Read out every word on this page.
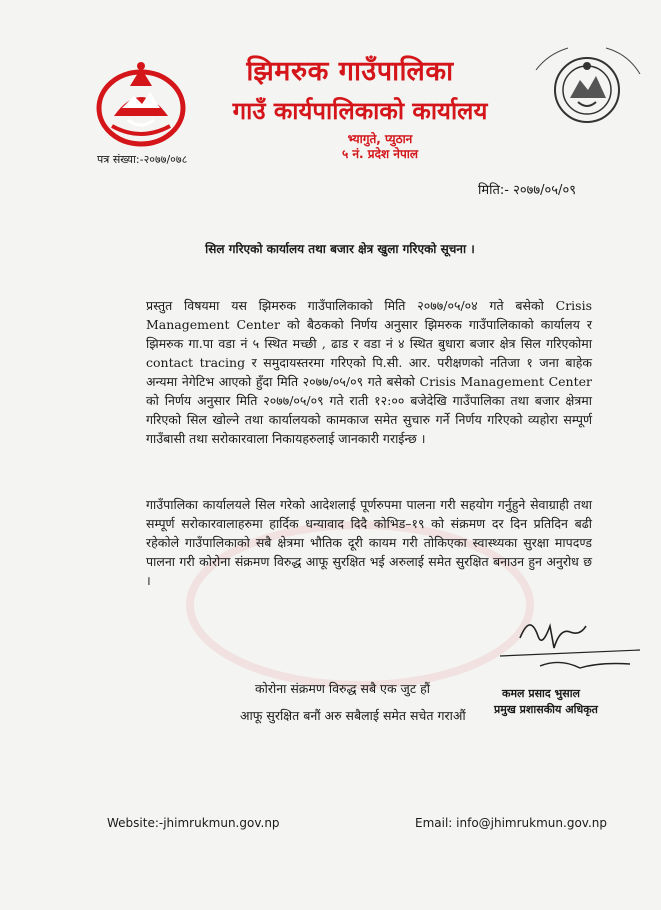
झिमरुक गाउँपालिका
गाउँ कार्यपालिकाको कार्यालय
भ्यागुते, प्युठान
५ नं. प्रदेश नेपाल
पत्र संख्या:-२०७७/०७८
मिति:- २०७७/०५/०९
सिल गरिएको कार्यालय तथा बजार क्षेत्र खुला गरिएको सूचना ।
प्रस्तुत विषयमा यस झिमरुक गाउँपालिकाको मिति २०७७/०५/०४ गते बसेको Crisis Management Center को बैठकको निर्णय अनुसार झिमरुक गाउँपालिकाको कार्यालय र झिमरुक गा.पा वडा नं ५ स्थित मच्छी , ढाड र वडा नं ४ स्थित बुधारा बजार क्षेत्र सिल गरिएकोमा contact tracing र समुदायस्तरमा गरिएको पि.सी. आर. परीक्षणको नतिजा १ जना बाहेक अन्यमा नेगेटिभ आएको हुँदा मिति २०७७/०५/०९ गते बसेको Crisis Management Center को निर्णय अनुसार मिति २०७७/०५/०९ गते राती १२:०० बजेदेखि गाउँपालिका तथा बजार क्षेत्रमा गरिएको सिल खोल्ने तथा कार्यालयको कामकाज समेत सुचारु गर्ने निर्णय गरिएको व्यहोरा सम्पूर्ण गाउँबासी तथा सरोकारवाला निकायहरुलाई जानकारी गराईन्छ ।
गाउँपालिका कार्यालयले सिल गरेको आदेशलाई पूर्णरुपमा पालना गरी सहयोग गर्नुहुने सेवाग्राही तथा सम्पूर्ण सरोकारवालाहरुमा हार्दिक धन्यावाद दिदै कोभिड–१९ को संक्रमण दर दिन प्रतिदिन बढी रहेकोले गाउँपालिकाको सबै क्षेत्रमा भौतिक दूरी कायम गरी तोकिएका स्वास्थ्यका सुरक्षा मापदण्ड पालना गरी कोरोना संक्रमण विरुद्ध आफू सुरक्षित भई अरुलाई समेत सुरक्षित बनाउन हुन अनुरोध छ ।
कमल प्रसाद भुसाल
प्रमुख प्रशासकीय अधिकृत
कोरोना संक्रमण विरुद्ध सबै एक जुट हौं
आफू सुरक्षित बनौं अरु सबैलाई समेत सचेत गराऔं
Website:-jhimrukmun.gov.np	Email: info@jhimrukmun.gov.np
